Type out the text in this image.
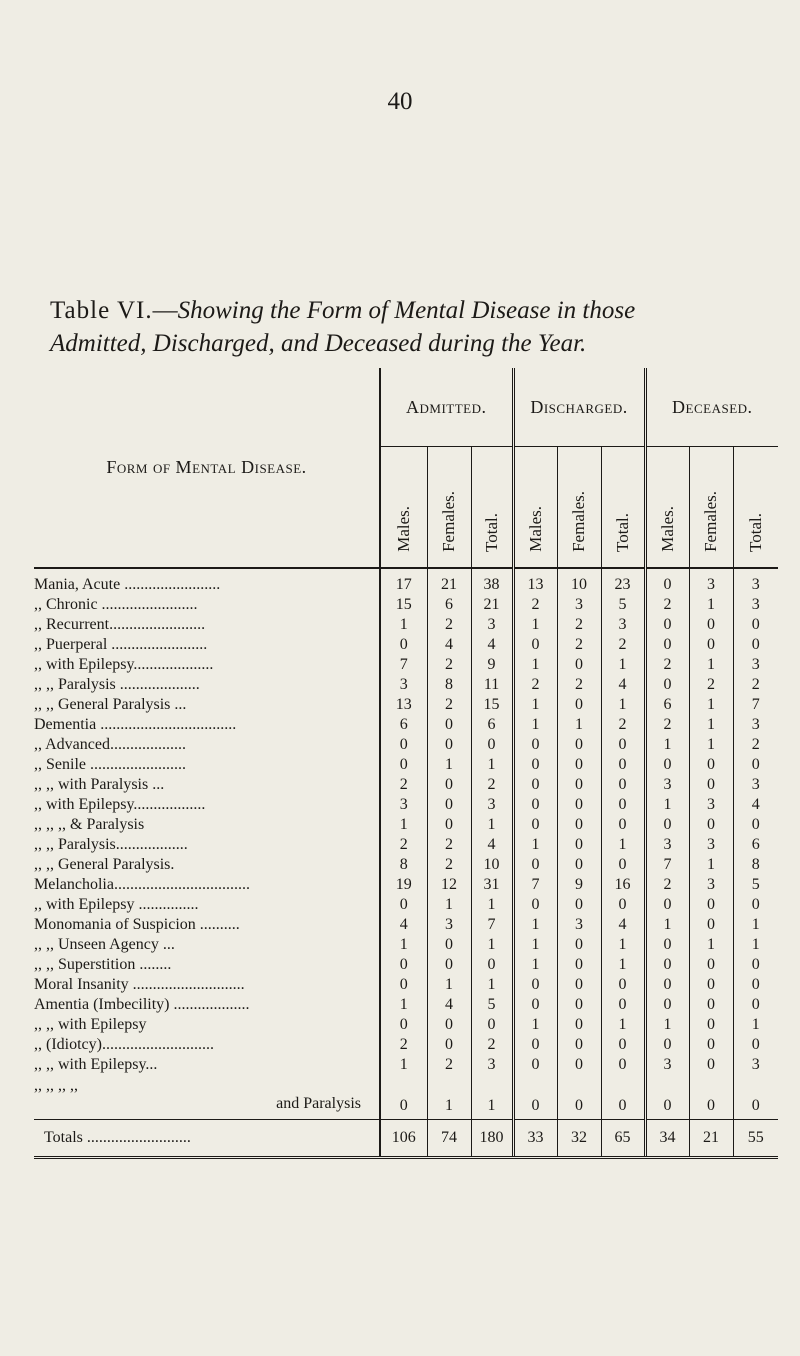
40
Table VI.—Showing the Form of Mental Disease in those
Admitted, Discharged, and Deceased during the Year.
Form of Mental Disease.	Admitted.			Discharged.			Deceased.		
	Males.	Females.	Total.	Males.	Females.	Total.	Males.	Females.	Total.
Mania, Acute ........................	17	21	38	13	10	23	0	3	3
,, Chronic ........................	15	6	21	2	3	5	2	1	3
,, Recurrent........................	1	2	3	1	2	3	0	0	0
,, Puerperal ........................	0	4	4	0	2	2	0	0	0
,, with Epilepsy....................	7	2	9	1	0	1	2	1	3
,, ,, Paralysis ....................	3	8	11	2	2	4	0	2	2
,, ,, General Paralysis ...	13	2	15	1	0	1	6	1	7
Dementia ..................................	6	0	6	1	1	2	2	1	3
,, Advanced...................	0	0	0	0	0	0	1	1	2
,, Senile ........................	0	1	1	0	0	0	0	0	0
,, ,, with Paralysis ...	2	0	2	0	0	0	3	0	3
,, with Epilepsy..................	3	0	3	0	0	0	1	3	4
,, ,, ,, & Paralysis	1	0	1	0	0	0	0	0	0
,, ,, Paralysis..................	2	2	4	1	0	1	3	3	6
,, ,, General Paralysis.	8	2	10	0	0	0	7	1	8
Melancholia..................................	19	12	31	7	9	16	2	3	5
,, with Epilepsy ...............	0	1	1	0	0	0	0	0	0
Monomania of Suspicion ..........	4	3	7	1	3	4	1	0	1
,, ,, Unseen Agency ...	1	0	1	1	0	1	0	1	1
,, ,, Superstition ........	0	0	0	1	0	1	0	0	0
Moral Insanity ............................	0	1	1	0	0	0	0	0	0
Amentia (Imbecility) ...................	1	4	5	0	0	0	0	0	0
,, ,, with Epilepsy	0	0	0	1	0	1	1	0	1
,, (Idiotcy)............................	2	0	2	0	0	0	0	0	0
,, ,, with Epilepsy...	1	2	3	0	0	0	3	0	3

,, ,, ,, ,,
and Paralysis	0	1	1	0	0	0	0	0	0
Totals ..........................	106	74	180	33	32	65	34	21	55
